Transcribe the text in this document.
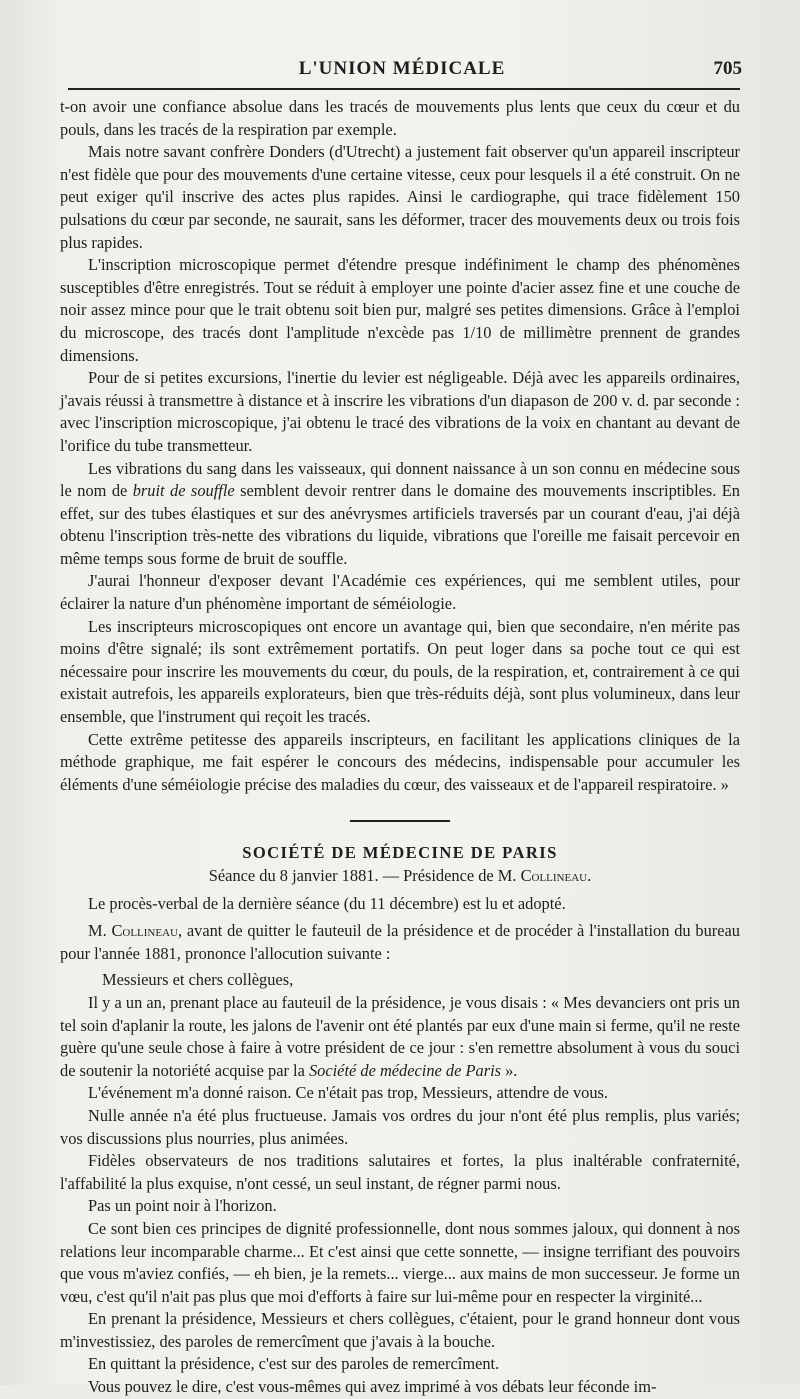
L'UNION MÉDICALE	705

t-on avoir une confiance absolue dans les tracés de mouvements plus lents que ceux du cœur et du pouls, dans les tracés de la respiration par exemple.

Mais notre savant confrère Donders (d'Utrecht) a justement fait observer qu'un appareil inscripteur n'est fidèle que pour des mouvements d'une certaine vitesse, ceux pour lesquels il a été construit. On ne peut exiger qu'il inscrive des actes plus rapides. Ainsi le cardiographe, qui trace fidèlement 150 pulsations du cœur par seconde, ne saurait, sans les déformer, tracer des mouvements deux ou trois fois plus rapides.

L'inscription microscopique permet d'étendre presque indéfiniment le champ des phénomènes susceptibles d'être enregistrés. Tout se réduit à employer une pointe d'acier assez fine et une couche de noir assez mince pour que le trait obtenu soit bien pur, malgré ses petites dimensions. Grâce à l'emploi du microscope, des tracés dont l'amplitude n'excède pas 1/10 de millimètre prennent de grandes dimensions.

Pour de si petites excursions, l'inertie du levier est négligeable. Déjà avec les appareils ordinaires, j'avais réussi à transmettre à distance et à inscrire les vibrations d'un diapason de 200 v. d. par seconde : avec l'inscription microscopique, j'ai obtenu le tracé des vibrations de la voix en chantant au devant de l'orifice du tube transmetteur.

Les vibrations du sang dans les vaisseaux, qui donnent naissance à un son connu en médecine sous le nom de bruit de souffle semblent devoir rentrer dans le domaine des mouvements inscriptibles. En effet, sur des tubes élastiques et sur des anévrysmes artificiels traversés par un courant d'eau, j'ai déjà obtenu l'inscription très-nette des vibrations du liquide, vibrations que l'oreille me faisait percevoir en même temps sous forme de bruit de souffle.

J'aurai l'honneur d'exposer devant l'Académie ces expériences, qui me semblent utiles, pour éclairer la nature d'un phénomène important de séméiologie.

Les inscripteurs microscopiques ont encore un avantage qui, bien que secondaire, n'en mérite pas moins d'être signalé; ils sont extrêmement portatifs. On peut loger dans sa poche tout ce qui est nécessaire pour inscrire les mouvements du cœur, du pouls, de la respiration, et, contrairement à ce qui existait autrefois, les appareils explorateurs, bien que très-réduits déjà, sont plus volumineux, dans leur ensemble, que l'instrument qui reçoit les tracés.

Cette extrême petitesse des appareils inscripteurs, en facilitant les applications cliniques de la méthode graphique, me fait espérer le concours des médecins, indispensable pour accumuler les éléments d'une séméiologie précise des maladies du cœur, des vaisseaux et de l'appareil respiratoire. »

SOCIÉTÉ DE MÉDECINE DE PARIS

Séance du 8 janvier 1881. — Présidence de M. Collineau.

Le procès-verbal de la dernière séance (du 11 décembre) est lu et adopté.

M. Collineau, avant de quitter le fauteuil de la présidence et de procéder à l'installation du bureau pour l'année 1881, prononce l'allocution suivante :

Messieurs et chers collègues,

Il y a un an, prenant place au fauteuil de la présidence, je vous disais : « Mes devanciers ont pris un tel soin d'aplanir la route, les jalons de l'avenir ont été plantés par eux d'une main si ferme, qu'il ne reste guère qu'une seule chose à faire à votre président de ce jour : s'en remettre absolument à vous du souci de soutenir la notoriété acquise par la Société de médecine de Paris ».

L'événement m'a donné raison. Ce n'était pas trop, Messieurs, attendre de vous.

Nulle année n'a été plus fructueuse. Jamais vos ordres du jour n'ont été plus remplis, plus variés; vos discussions plus nourries, plus animées.

Fidèles observateurs de nos traditions salutaires et fortes, la plus inaltérable confraternité, l'affabilité la plus exquise, n'ont cessé, un seul instant, de régner parmi nous.

Pas un point noir à l'horizon.

Ce sont bien ces principes de dignité professionnelle, dont nous sommes jaloux, qui donnent à nos relations leur incomparable charme... Et c'est ainsi que cette sonnette, — insigne terrifiant des pouvoirs que vous m'aviez confiés, — eh bien, je la remets... vierge... aux mains de mon successeur. Je forme un vœu, c'est qu'il n'ait pas plus que moi d'efforts à faire sur lui-même pour en respecter la virginité...

En prenant la présidence, Messieurs et chers collègues, c'étaient, pour le grand honneur dont vous m'investissiez, des paroles de remercîment que j'avais à la bouche.

En quittant la présidence, c'est sur des paroles de remercîment.

Vous pouvez le dire, c'est vous-mêmes qui avez imprimé à vos débats leur féconde im-
